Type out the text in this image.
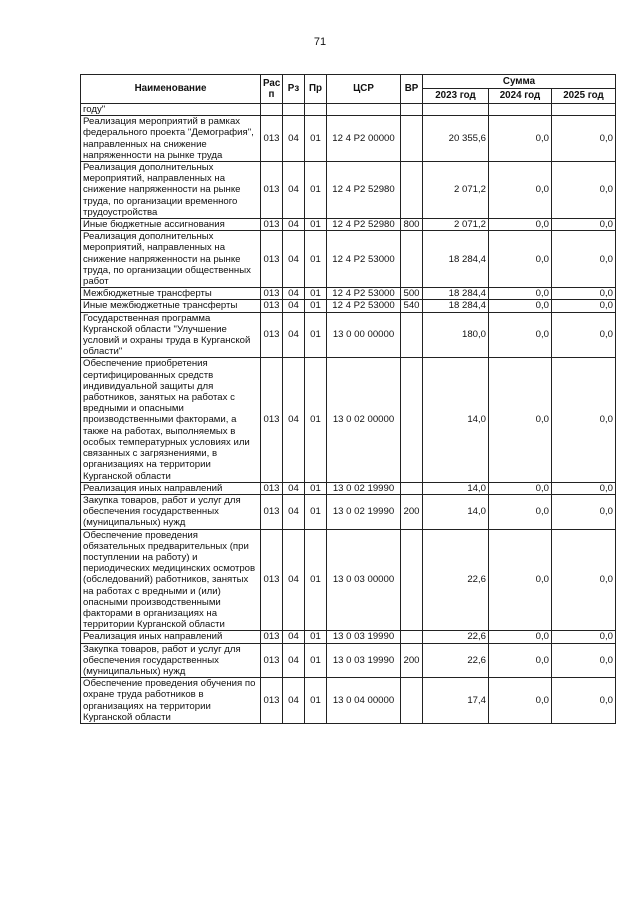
71
Наименование	Рас п	Рз	Пр	ЦСР	ВР	Сумма		
						2023 год	2024 год	2025 год
году"								
Реализация мероприятий в рамках федерального проекта "Демография", направленных на снижение напряженности на рынке труда	013	04	01	12 4 P2 00000		20 355,6	0,0	0,0
Реализация дополнительных мероприятий, направленных на снижение напряженности на рынке труда, по организации временного трудоустройства	013	04	01	12 4 P2 52980		2 071,2	0,0	0,0
Иные бюджетные ассигнования	013	04	01	12 4 P2 52980	800	2 071,2	0,0	0,0
Реализация дополнительных мероприятий, направленных на снижение напряженности на рынке труда, по организации общественных работ	013	04	01	12 4 P2 53000		18 284,4	0,0	0,0
Межбюджетные трансферты	013	04	01	12 4 P2 53000	500	18 284,4	0,0	0,0
Иные межбюджетные трансферты	013	04	01	12 4 P2 53000	540	18 284,4	0,0	0,0
Государственная программа Курганской области "Улучшение условий и охраны труда в Курганской области"	013	04	01	13 0 00 00000		180,0	0,0	0,0
Обеспечение приобретения сертифицированных средств индивидуальной защиты для работников, занятых на работах с вредными и опасными производственными факторами, а также на работах, выполняемых в особых температурных условиях или связанных с загрязнениями, в организациях на территории Курганской области	013	04	01	13 0 02 00000		14,0	0,0	0,0
Реализация иных направлений	013	04	01	13 0 02 19990		14,0	0,0	0,0
Закупка товаров, работ и услуг для обеспечения государственных (муниципальных) нужд	013	04	01	13 0 02 19990	200	14,0	0,0	0,0
Обеспечение проведения обязательных предварительных (при поступлении на работу) и периодических медицинских осмотров (обследований) работников, занятых на работах с вредными и (или) опасными производственными факторами в организациях на территории Курганской области	013	04	01	13 0 03 00000		22,6	0,0	0,0
Реализация иных направлений	013	04	01	13 0 03 19990		22,6	0,0	0,0
Закупка товаров, работ и услуг для обеспечения государственных (муниципальных) нужд	013	04	01	13 0 03 19990	200	22,6	0,0	0,0
Обеспечение проведения обучения по охране труда работников в организациях на территории Курганской области	013	04	01	13 0 04 00000		17,4	0,0	0,0
